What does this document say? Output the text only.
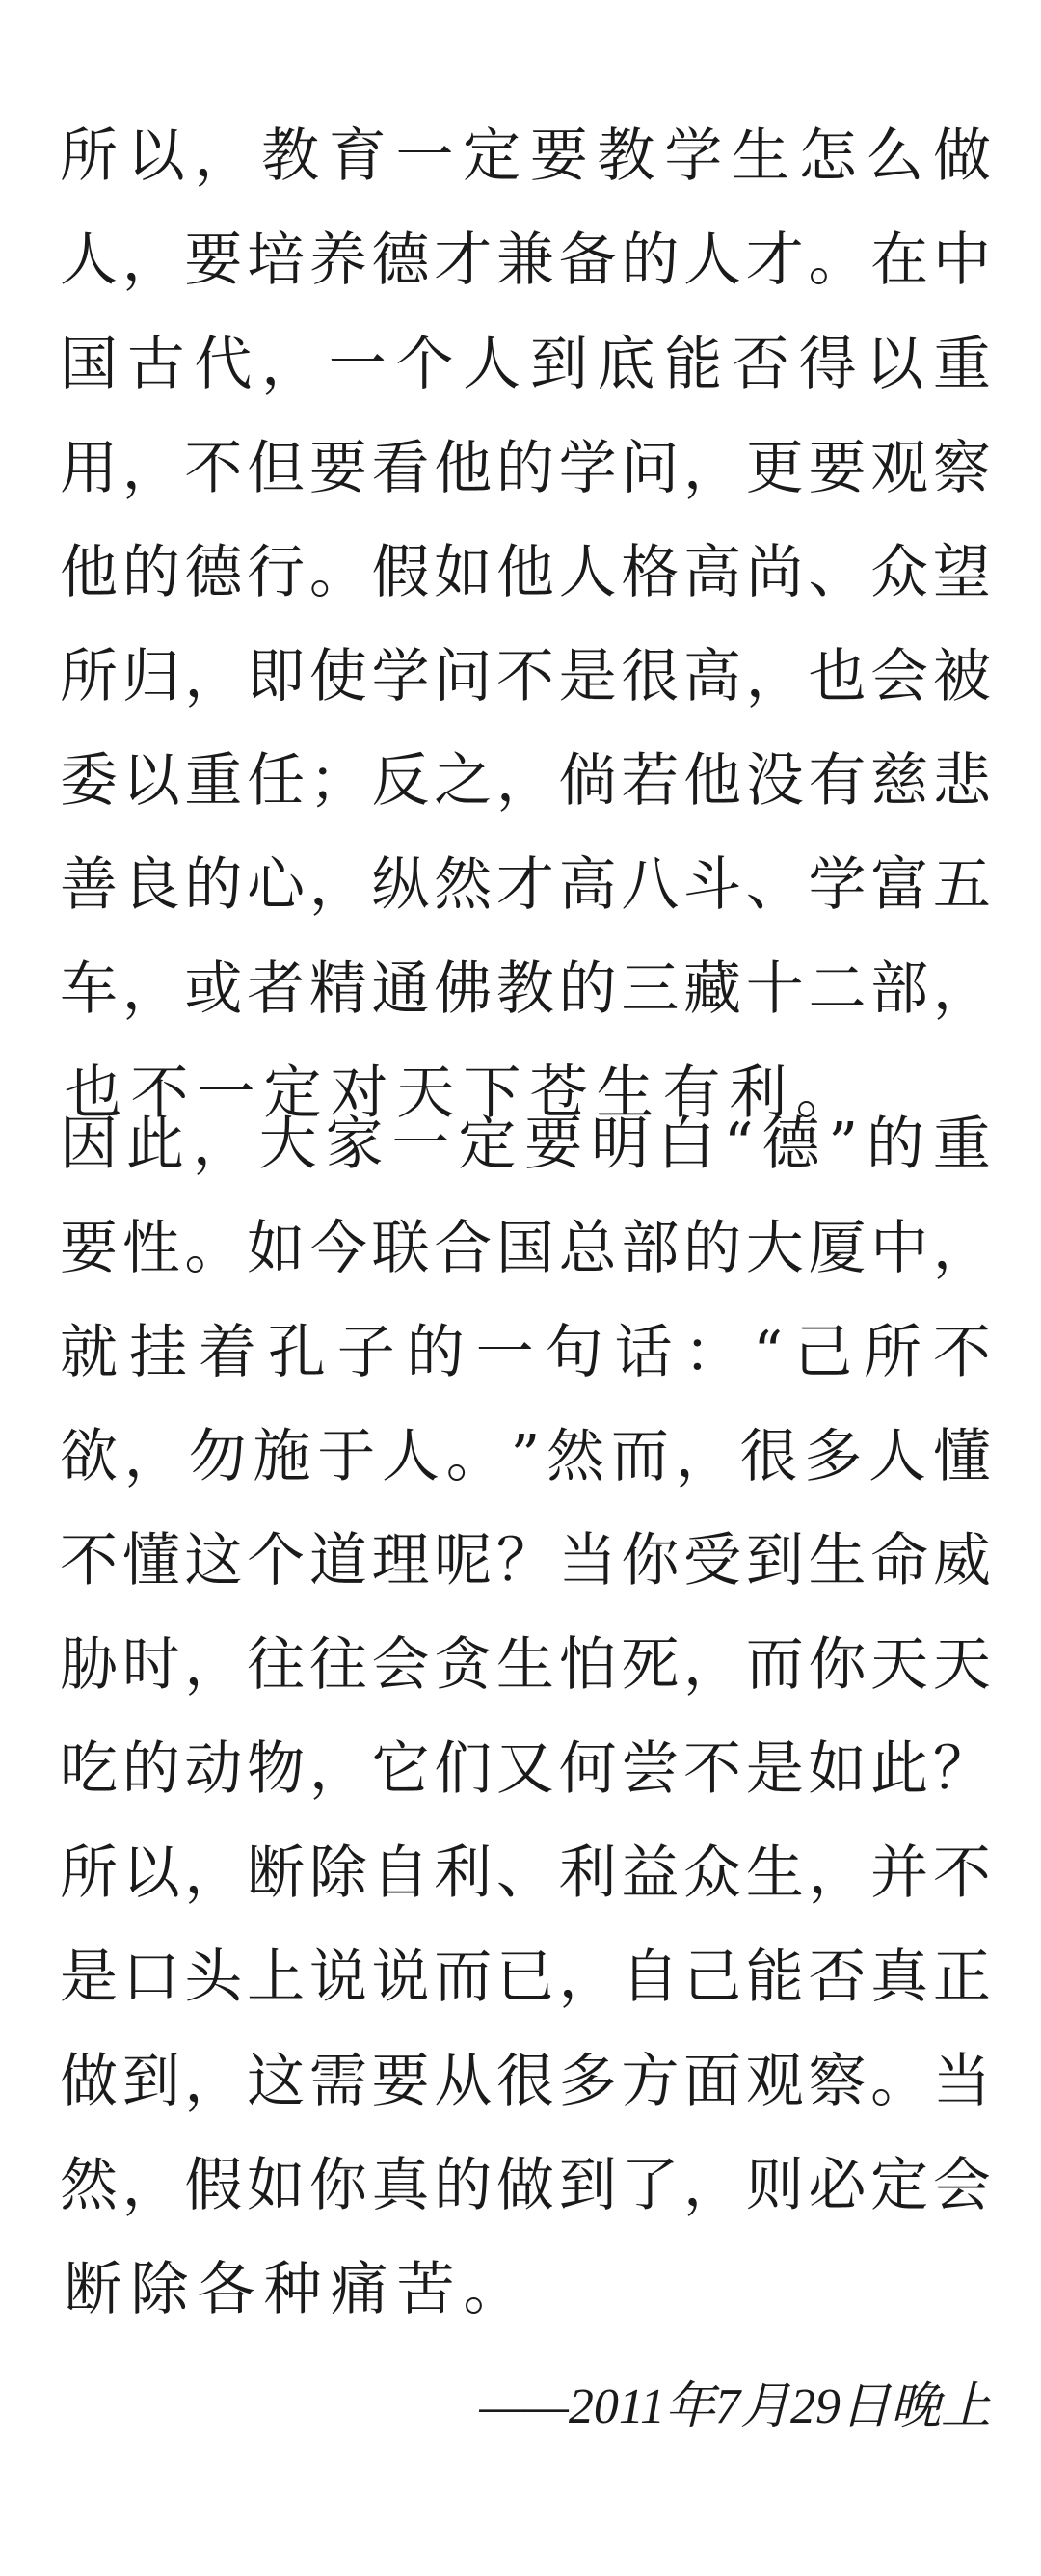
所 以 ， 教 育 一 定 要 教 学 生 怎 么 做
人 ， 要 培 养 德 才 兼 备 的 人 才 。 在 中
国 古 代 ， 一 个 人 到 底 能 否 得 以 重
用 ， 不 但 要 看 他 的 学 问 ， 更 要 观 察
他 的 德 行 。 假 如 他 人 格 高 尚 、 众 望
所 归 ， 即 使 学 问 不 是 很 高 ， 也 会 被
委 以 重 任 ； 反 之 ， 倘 若 他 没 有 慈 悲
善 良 的 心 ， 纵 然 才 高 八 斗 、 学 富 五
车 ， 或 者 精 通 佛 教 的 三 藏 十 二 部 ，
也 不 一 定 对 天 下 苍 生 有 利 。
因 此 ， 大 家 一 定 要 明 白 “ 德 ” 的 重
要 性 。 如 今 联 合 国 总 部 的 大 厦 中 ，
就 挂 着 孔 子 的 一 句 话 ： “ 己 所 不
欲 ， 勿 施 于 人 。 ” 然 而 ， 很 多 人 懂
不 懂 这 个 道 理 呢 ？ 当 你 受 到 生 命 威
胁 时 ， 往 往 会 贪 生 怕 死 ， 而 你 天 天
吃 的 动 物 ， 它 们 又 何 尝 不 是 如 此 ？
所 以 ， 断 除 自 利 、 利 益 众 生 ， 并 不
是 口 头 上 说 说 而 已 ， 自 己 能 否 真 正
做 到 ， 这 需 要 从 很 多 方 面 观 察 。 当
然 ， 假 如 你 真 的 做 到 了 ， 则 必 定 会
断 除 各 种 痛 苦 。
——2011年7月29日晚上
